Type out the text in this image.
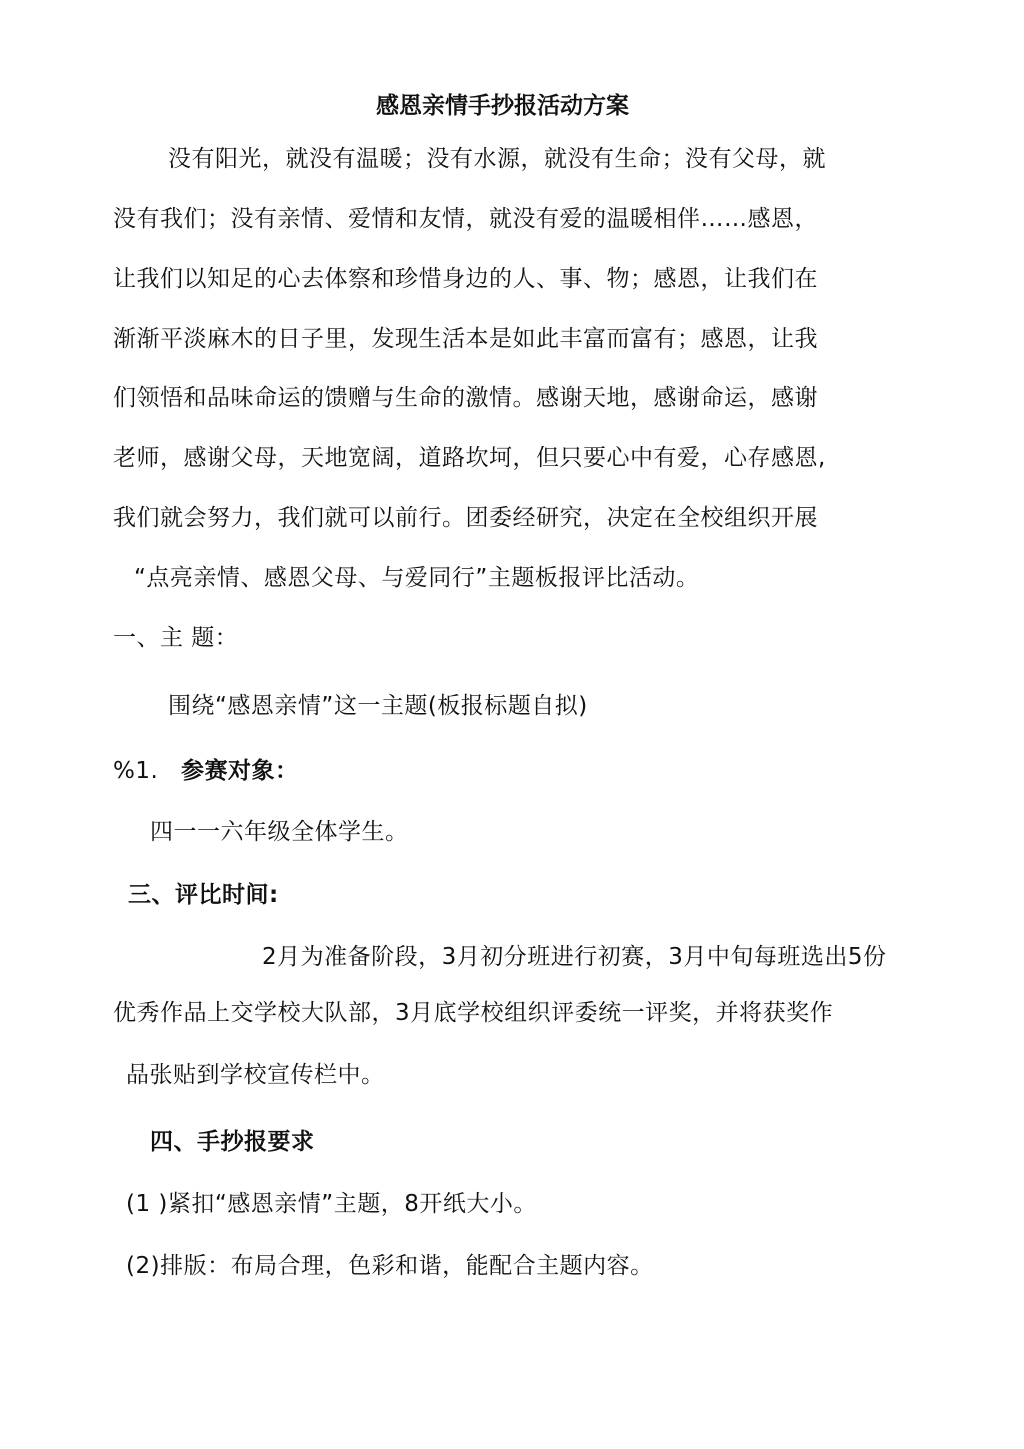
感恩亲情手抄报活动方案
没有阳光，就没有温暖；没有水源，就没有生命；没有父母，就
没有我们；没有亲情、爱情和友情，就没有爱的温暖相伴……感恩，
让我们以知足的心去体察和珍惜身边的人、事、物；感恩，让我们在
渐渐平淡麻木的日子里，发现生活本是如此丰富而富有；感恩，让我
们领悟和品味命运的馈赠与生命的激情。感谢天地，感谢命运，感谢
老师，感谢父母，天地宽阔，道路坎坷，但只要心中有爱，心存感恩,
我们就会努力，我们就可以前行。团委经研究，决定在全校组织开展
“点亮亲情、感恩父母、与爱同行”主题板报评比活动。
一、主 题：
围绕“感恩亲情”这一主题(板报标题自拟)
%1. 参赛对象：
四一一六年级全体学生。
三、评比时间:
2月为准备阶段，3月初分班进行初赛，3月中旬每班选出5份
优秀作品上交学校大队部，3月底学校组织评委统一评奖，并将获奖作
品张贴到学校宣传栏中。
四、手抄报要求
(1 )紧扣“感恩亲情”主题，8开纸大小。
(2)排版：布局合理，色彩和谐，能配合主题内容。
